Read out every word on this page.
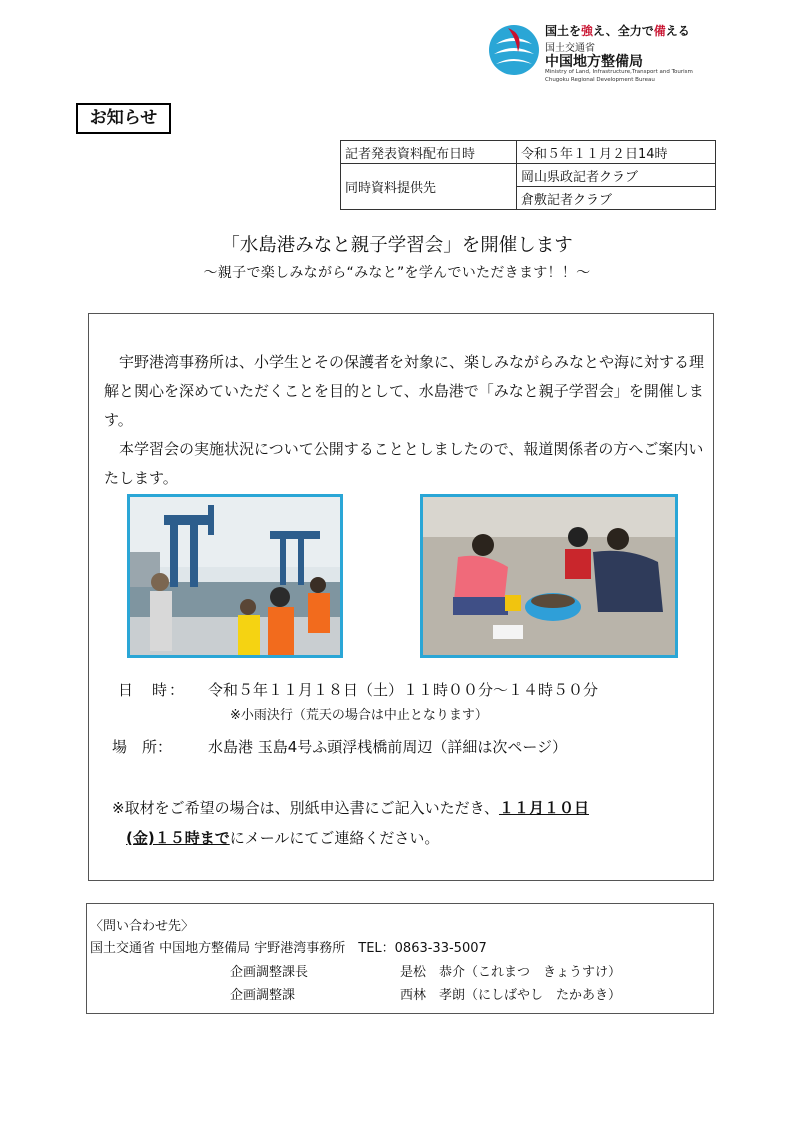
国土を強え、全力で備える
国土交通省
中国地方整備局
Ministry of Land, Infrastructure,Transport and Tourism
Chugoku Regional Development Bureau
お知らせ
記者発表資料配布日時	令和５年１１月２日14時
同時資料提供先	岡山県政記者クラブ
	倉敷記者クラブ
「水島港みなと親子学習会」を開催します
～親子で楽しみながら“みなと”を学んでいただきます！！～

宇野港湾事務所は、小学生とその保護者を対象に、楽しみながらみなとや海に対する理解と関心を深めていただくことを目的として、水島港で「みなと親子学習会」を開催します。

本学習会の実施状況について公開することとしましたので、報道関係者の方へご案内いたします。

日　時： 令和５年１１月１８日（土）１１時００分～１４時５０分
※小雨決行（荒天の場合は中止となります）
場　所： 水島港 玉島4号ふ頭浮桟橋前周辺（詳細は次ページ）
※取材をご希望の場合は、別紙申込書にご記入いただき、１１月１０日
(金)１５時までにメールにてご連絡ください。
〈問い合わせ先〉
国土交通省 中国地方整備局 宇野港湾事務所　TEL：0863-33-5007
企画調整課長	是松　恭介（これまつ　きょうすけ）
企画調整課	西林　孝朗（にしばやし　たかあき）
